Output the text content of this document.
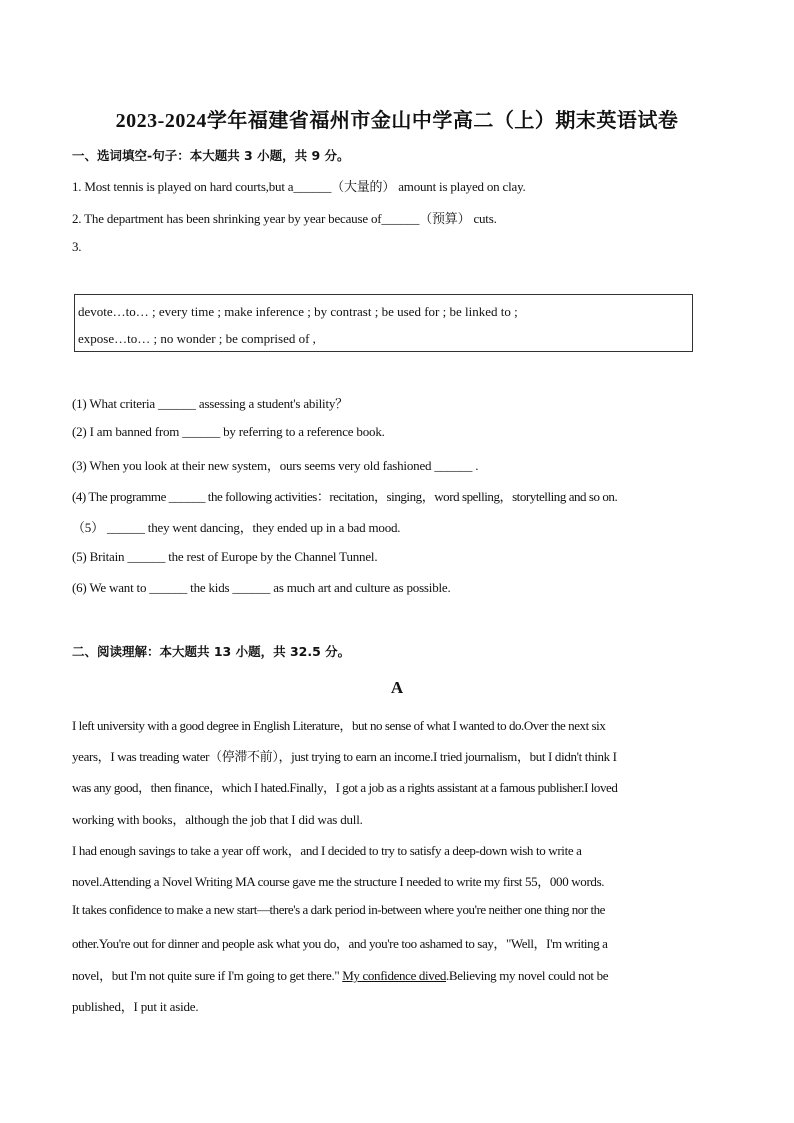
2023-2024学年福建省福州市金山中学高二（上）期末英语试卷
一、选词填空-句子：本大题共 3 小题，共 9 分。
1. Most tennis is played on hard courts,but a______（大量的） amount is played on clay.
2. The department has been shrinking year by year because of______（预算） cuts.
3.
devote…to… ; every time ; make inference ; by contrast ; be used for ; be linked to ;
expose…to… ; no wonder ; be comprised of ,
(1) What criteria ______ assessing a student's ability？
(2) I am banned from ______ by referring to a reference book.
(3) When you look at their new system，ours seems very old fashioned ______ .
(4) The programme ______ the following activities：recitation，singing，word spelling，storytelling and so on.
（5） ______ they went dancing，they ended up in a bad mood.
(5) Britain ______ the rest of Europe by the Channel Tunnel.
(6) We want to ______ the kids ______ as much art and culture as possible.
二、阅读理解：本大题共 13 小题，共 32.5 分。
A
I left university with a good degree in English Literature，but no sense of what I wanted to do.Over the next six
years，I was treading water（停滞不前），just trying to earn an income.I tried journalism，but I didn't think I
was any good，then finance，which I hated.Finally，I got a job as a rights assistant at a famous publisher.I loved
working with books，although the job that I did was dull.
I had enough savings to take a year off work，and I decided to try to satisfy a deep-down wish to write a
novel.Attending a Novel Writing MA course gave me the structure I needed to write my first 55，000 words.
It takes confidence to make a new start—there's a dark period in-between where you're neither one thing nor the
other.You're out for dinner and people ask what you do，and you're too ashamed to say，"Well，I'm writing a
novel，but I'm not quite sure if I'm going to get there." My confidence dived.Believing my novel could not be
published，I put it aside.
